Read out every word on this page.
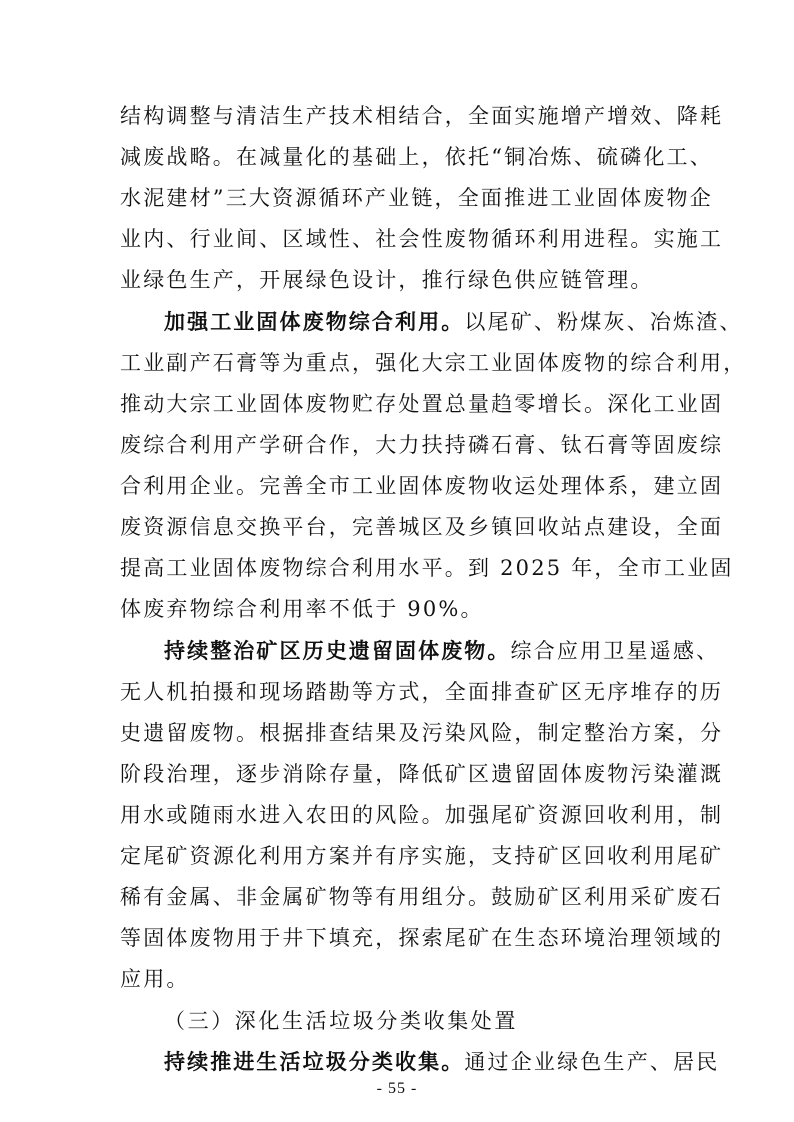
结构调整与清洁生产技术相结合，全面实施增产增效、降耗
减废战略。在减量化的基础上，依托“铜冶炼、硫磷化工、
水泥建材”三大资源循环产业链，全面推进工业固体废物企
业内、行业间、区域性、社会性废物循环利用进程。实施工
业绿色生产，开展绿色设计，推行绿色供应链管理。
加强工业固体废物综合利用。以尾矿、粉煤灰、冶炼渣、
工业副产石膏等为重点，强化大宗工业固体废物的综合利用，
推动大宗工业固体废物贮存处置总量趋零增长。深化工业固
废综合利用产学研合作，大力扶持磷石膏、钛石膏等固废综
合利用企业。完善全市工业固体废物收运处理体系，建立固
废资源信息交换平台，完善城区及乡镇回收站点建设，全面
提高工业固体废物综合利用水平。到 2025 年，全市工业固
体废弃物综合利用率不低于 90%。
持续整治矿区历史遗留固体废物。综合应用卫星遥感、
无人机拍摄和现场踏勘等方式，全面排查矿区无序堆存的历
史遗留废物。根据排查结果及污染风险，制定整治方案，分
阶段治理，逐步消除存量，降低矿区遗留固体废物污染灌溉
用水或随雨水进入农田的风险。加强尾矿资源回收利用，制
定尾矿资源化利用方案并有序实施，支持矿区回收利用尾矿
稀有金属、非金属矿物等有用组分。鼓励矿区利用采矿废石
等固体废物用于井下填充，探索尾矿在生态环境治理领域的
应用。
（三）深化生活垃圾分类收集处置
持续推进生活垃圾分类收集。通过企业绿色生产、居民
- 55 -
